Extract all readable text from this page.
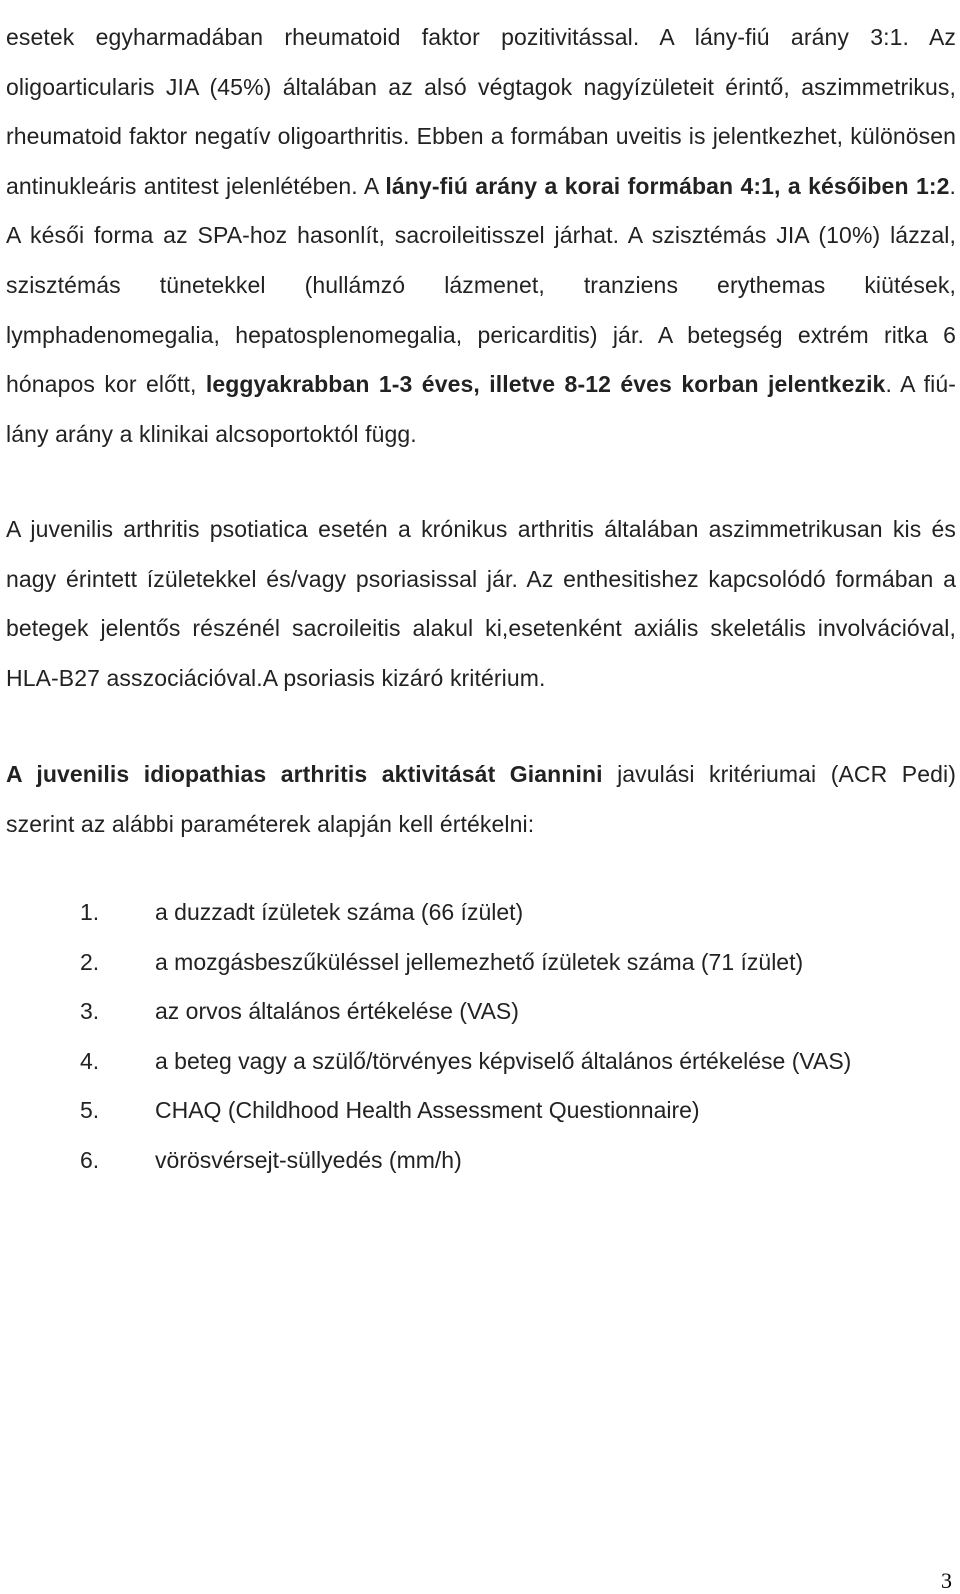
esetek egyharmadában rheumatoid faktor pozitivitással. A lány-fiú arány 3:1. Az oligoarticularis JIA (45%) általában az alsó végtagok nagyízületeit érintő, aszimmetrikus, rheumatoid faktor negatív oligoarthritis. Ebben a formában uveitis is jelentkezhet, különösen antinukleáris antitest jelenlétében. A lány-fiú arány a korai formában 4:1, a későiben 1:2. A késői forma az SPA-hoz hasonlít, sacroileitisszel járhat. A szisztémás JIA (10%) lázzal, szisztémás tünetekkel (hullámzó lázmenet, tranziens erythemas kiütések, lymphadenomegalia, hepatosplenomegalia, pericarditis) jár. A betegség extrém ritka 6 hónapos kor előtt, leggyakrabban 1-3 éves, illetve 8-12 éves korban jelentkezik. A fiú-lány arány a klinikai alcsoportoktól függ.

A juvenilis arthritis psotiatica esetén a krónikus arthritis általában aszimmetrikusan kis és nagy érintett ízületekkel és/vagy psoriasissal jár. Az enthesitishez kapcsolódó formában a betegek jelentős részénél sacroileitis alakul ki,esetenként axiális skeletális involvációval, HLA-B27 asszociációval.A psoriasis kizáró kritérium.

A juvenilis idiopathias arthritis aktivitását Giannini javulási kritériumai (ACR Pedi) szerint az alábbi paraméterek alapján kell értékelni:

1. a duzzadt ízületek száma (66 ízület)
2. a mozgásbeszűküléssel jellemezhető ízületek száma (71 ízület)
3. az orvos általános értékelése (VAS)
4. a beteg vagy a szülő/törvényes képviselő általános értékelése (VAS)
5. CHAQ (Childhood Health Assessment Questionnaire)
6. vörösvérsejt-süllyedés (mm/h)
3
